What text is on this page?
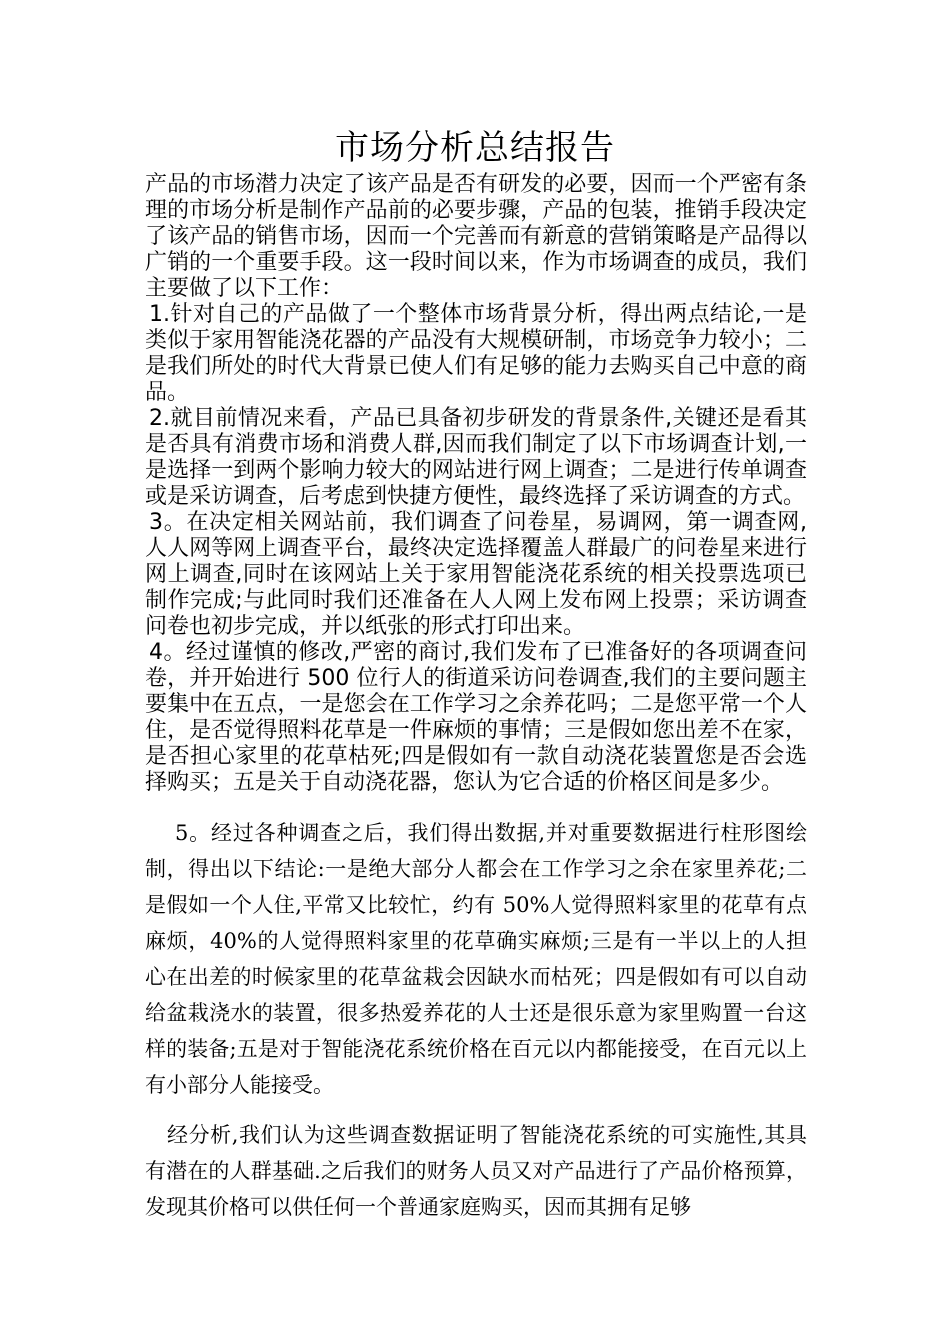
市场分析总结报告

产品的市场潜力决定了该产品是否有研发的必要，因而一个严密有条理的市场分析是制作产品前的必要步骤，产品的包装，推销手段决定了该产品的销售市场，因而一个完善而有新意的营销策略是产品得以广销的一个重要手段。这一段时间以来，作为市场调查的成员，我们主要做了以下工作：

1.针对自己的产品做了一个整体市场背景分析，得出两点结论,一是类似于家用智能浇花器的产品没有大规模研制，市场竞争力较小；二是我们所处的时代大背景已使人们有足够的能力去购买自己中意的商品。

2.就目前情况来看，产品已具备初步研发的背景条件,关键还是看其是否具有消费市场和消费人群,因而我们制定了以下市场调查计划,一是选择一到两个影响力较大的网站进行网上调查；二是进行传单调查或是采访调查，后考虑到快捷方便性，最终选择了采访调查的方式。

3。在决定相关网站前，我们调查了问卷星，易调网，第一调查网,人人网等网上调查平台，最终决定选择覆盖人群最广的问卷星来进行网上调查,同时在该网站上关于家用智能浇花系统的相关投票选项已制作完成;与此同时我们还准备在人人网上发布网上投票；采访调查问卷也初步完成，并以纸张的形式打印出来。

4。经过谨慎的修改,严密的商讨,我们发布了已准备好的各项调查问卷，并开始进行 500 位行人的街道采访问卷调查,我们的主要问题主要集中在五点，一是您会在工作学习之余养花吗；二是您平常一个人住，是否觉得照料花草是一件麻烦的事情；三是假如您出差不在家，是否担心家里的花草枯死;四是假如有一款自动浇花装置您是否会选择购买；五是关于自动浇花器，您认为它合适的价格区间是多少。

5。经过各种调查之后，我们得出数据,并对重要数据进行柱形图绘制，得出以下结论:一是绝大部分人都会在工作学习之余在家里养花;二是假如一个人住,平常又比较忙，约有 50%人觉得照料家里的花草有点麻烦，40%的人觉得照料家里的花草确实麻烦;三是有一半以上的人担心在出差的时候家里的花草盆栽会因缺水而枯死；四是假如有可以自动给盆栽浇水的装置，很多热爱养花的人士还是很乐意为家里购置一台这样的装备;五是对于智能浇花系统价格在百元以内都能接受，在百元以上有小部分人能接受。

经分析,我们认为这些调查数据证明了智能浇花系统的可实施性,其具有潜在的人群基础.之后我们的财务人员又对产品进行了产品价格预算，发现其价格可以供任何一个普通家庭购买，因而其拥有足够
